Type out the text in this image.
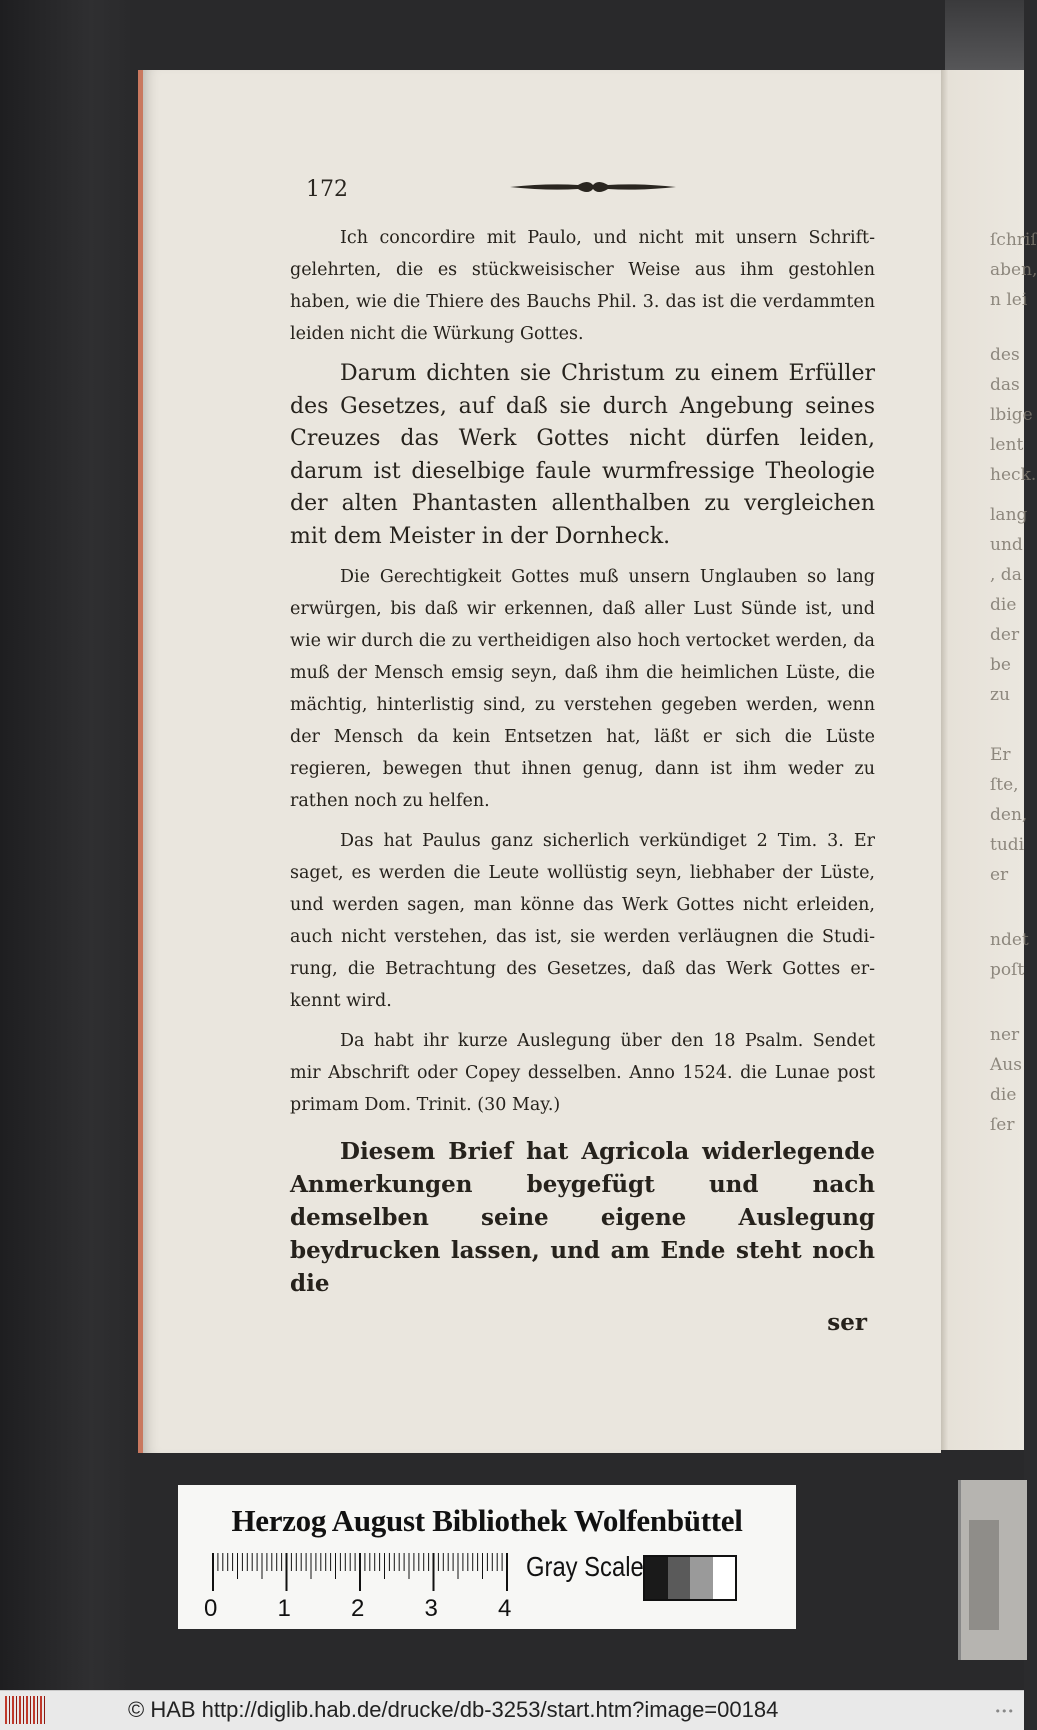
ſchriſ
aben,
n lei
des
das
lbige
lent
heck.
lang
und
, da
die
der
be
zu
Er
ſte,
den,
tudi
er
ndet
poſt
ner
Aus
die
ſer
172

Ich concordire mit Paulo, und nicht mit unsern Schriftgelehrten, die es stückweisischer Weise aus ihm gestohlen haben, wie die Thiere des Bauchs Phil. 3. das ist die verdammten leiden nicht die Würkung Gottes.

Darum dichten sie Christum zu einem Erfüller des Gesetzes, auf daß sie durch Angebung seines Creuzes das Werk Gottes nicht dürfen leiden, darum ist dieselbige faule wurmfressige Theologie der alten Phantasten allenthalben zu vergleichen mit dem Meister in der Dornheck.

Die Gerechtigkeit Gottes muß unsern Unglauben so lang erwürgen, bis daß wir erkennen, daß aller Lust Sünde ist, und wie wir durch die zu vertheidigen also hoch vertocket werden, da muß der Mensch emsig seyn, daß ihm die heimlichen Lüste, die mächtig, hinterlistig sind, zu verstehen gegeben werden, wenn der Mensch da kein Entsetzen hat, läßt er sich die Lüste regieren, bewegen thut ihnen genug, dann ist ihm weder zu rathen noch zu helfen.

Das hat Paulus ganz sicherlich verkündiget 2 Tim. 3. Er saget, es werden die Leute wollüstig seyn, liebhaber der Lüste, und werden sagen, man könne das Werk Gottes nicht erleiden, auch nicht verstehen, das ist, sie werden verläugnen die Studirung, die Betrachtung des Gesetzes, daß das Werk Gottes erkennt wird.

Da habt ihr kurze Auslegung über den 18 Psalm. Sendet mir Abschrift oder Copey desselben. Anno 1524. die Lunae post primam Dom. Trinit. (30 May.)

Diesem Brief hat Agricola widerlegende Anmerkungen beygefügt und nach demselben seine eigene Auslegung beydrucken lassen, und am Ende steht noch die

ser
Herzog August Bibliothek Wolfenbüttel
Gray Scale
0	1	2	3	4
© HAB http://diglib.hab.de/drucke/db-3253/start.htm?image=00184	•••
